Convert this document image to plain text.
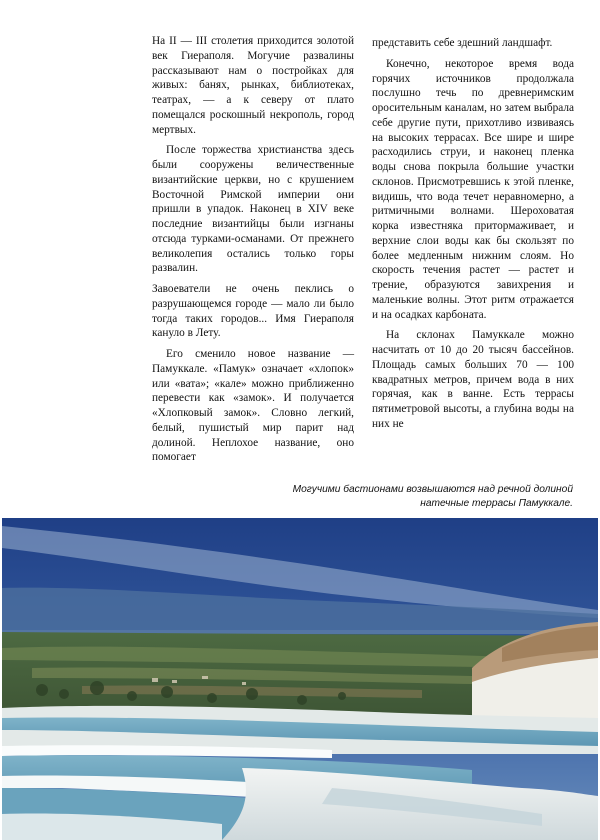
На II — III столетия приходится золотой век Гиераполя. Могучие развалины рассказывают нам о постройках для живых: банях, рынках, библиотеках, театрах, — а к северу от плато помещался роскошный некрополь, город мертвых.

После торжества христианства здесь были сооружены величественные византийские церкви, но с крушением Восточной Римской империи они пришли в упадок. Наконец в XIV веке последние византийцы были изгнаны отсюда турками-османами. От прежнего великолепия остались только горы развалин.

Завоеватели не очень пеклись о разрушающемся городе — мало ли было тогда таких городов... Имя Гиераполя кануло в Лету.

Его сменило новое название — Памуккале. «Памук» означает «хлопок» или «вата»; «кале» можно приближенно перевести как «замок». И получается «Хлопковый замок». Словно легкий, белый, пушистый мир парит над долиной. Неплохое название, оно помогает

представить себе здешний ландшафт.

Конечно, некоторое время вода горячих источников продолжала послушно течь по древнеримским оросительным каналам, но затем выбрала себе другие пути, прихотливо извиваясь на высоких террасах. Все шире и шире расходились струи, и наконец пленка воды снова покрыла большие участки склонов. Присмотревшись к этой пленке, видишь, что вода течет неравномерно, а ритмичными волнами. Шероховатая корка известняка притормаживает, и верхние слои воды как бы скользят по более медленным нижним слоям. Но скорость течения растет — растет и трение, образуются завихрения и маленькие волны. Этот ритм отражается и на осадках карбоната.

На склонах Памуккале можно насчитать от 10 до 20 тысяч бассейнов. Площадь самых больших 70 — 100 квадратных метров, причем вода в них горячая, как в ванне. Есть террасы пятиметровой высоты, а глубина воды на них не

Могучими бастионами возвышаются над речной долиной
натечные террасы Памуккале.
